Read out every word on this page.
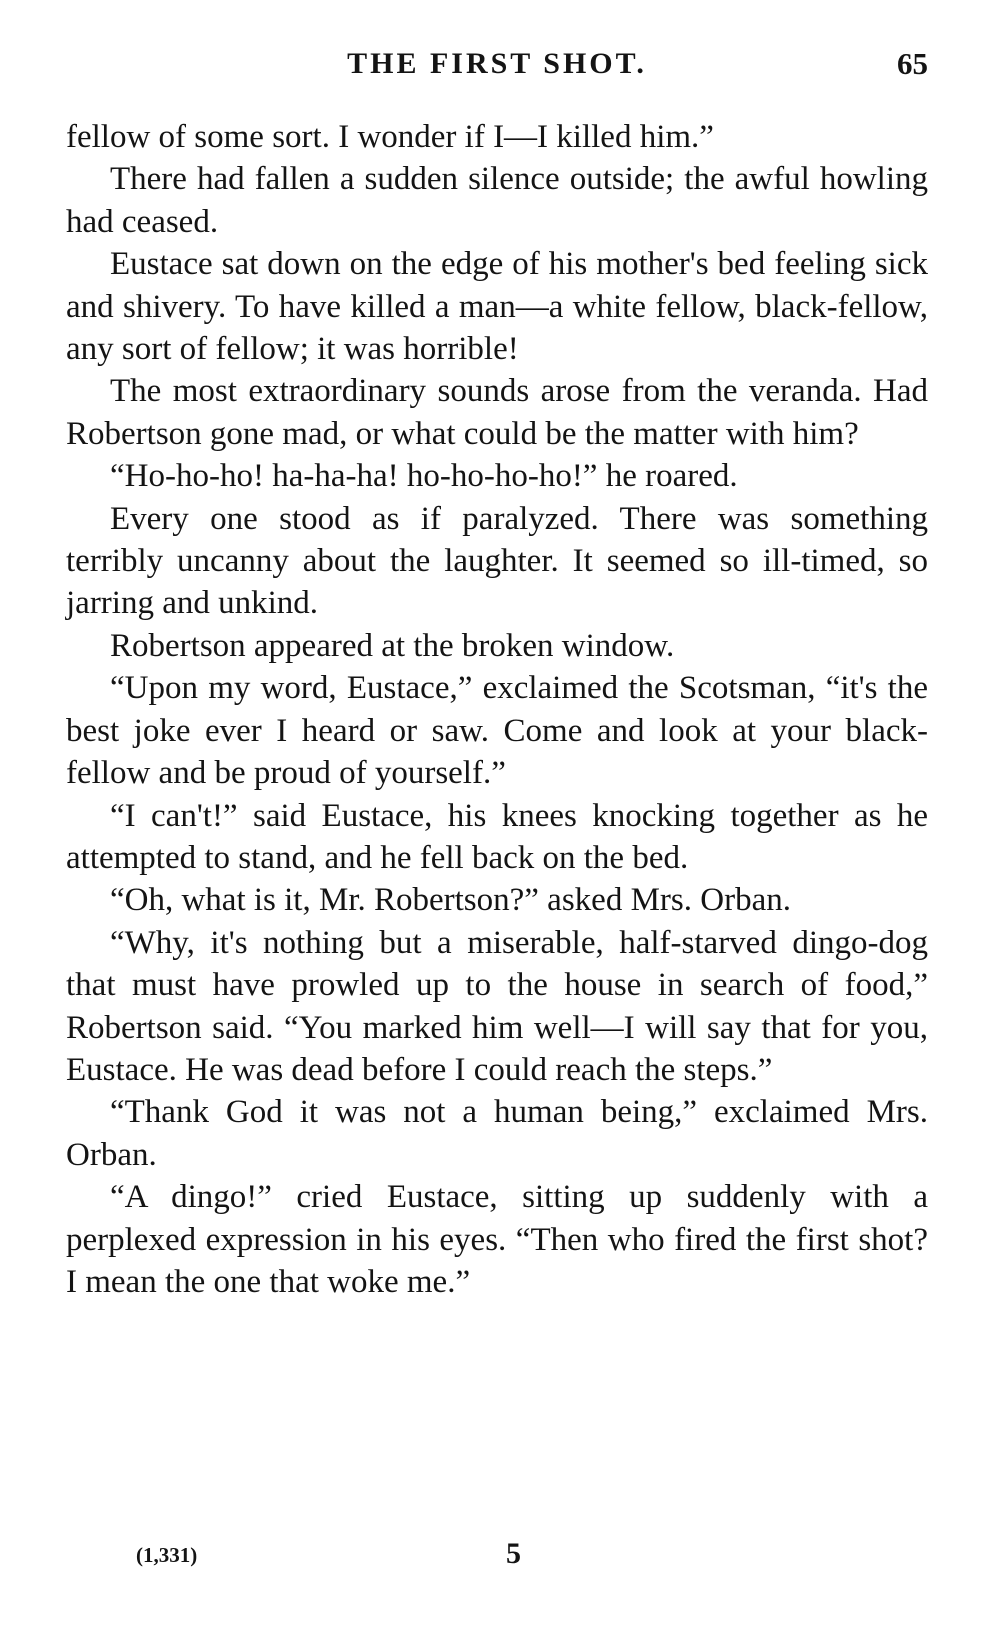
THE FIRST SHOT.	65

fellow of some sort. I wonder if I—I killed him.”

There had fallen a sudden silence outside; the awful howling had ceased.

Eustace sat down on the edge of his mother's bed feeling sick and shivery. To have killed a man—a white fellow, black-fellow, any sort of fellow; it was horrible!

The most extraordinary sounds arose from the veranda. Had Robertson gone mad, or what could be the matter with him?

“Ho-ho-ho! ha-ha-ha! ho-ho-ho-ho!” he roared.

Every one stood as if paralyzed. There was something terribly uncanny about the laughter. It seemed so ill-timed, so jarring and unkind.

Robertson appeared at the broken window.

“Upon my word, Eustace,” exclaimed the Scotsman, “it's the best joke ever I heard or saw. Come and look at your black-fellow and be proud of yourself.”

“I can't!” said Eustace, his knees knocking together as he attempted to stand, and he fell back on the bed.

“Oh, what is it, Mr. Robertson?” asked Mrs. Orban.

“Why, it's nothing but a miserable, half-starved dingo-dog that must have prowled up to the house in search of food,” Robertson said. “You marked him well—I will say that for you, Eustace. He was dead before I could reach the steps.”

“Thank God it was not a human being,” exclaimed Mrs. Orban.

“A dingo!” cried Eustace, sitting up suddenly with a perplexed expression in his eyes. “Then who fired the first shot? I mean the one that woke me.”

(1,331)	5
